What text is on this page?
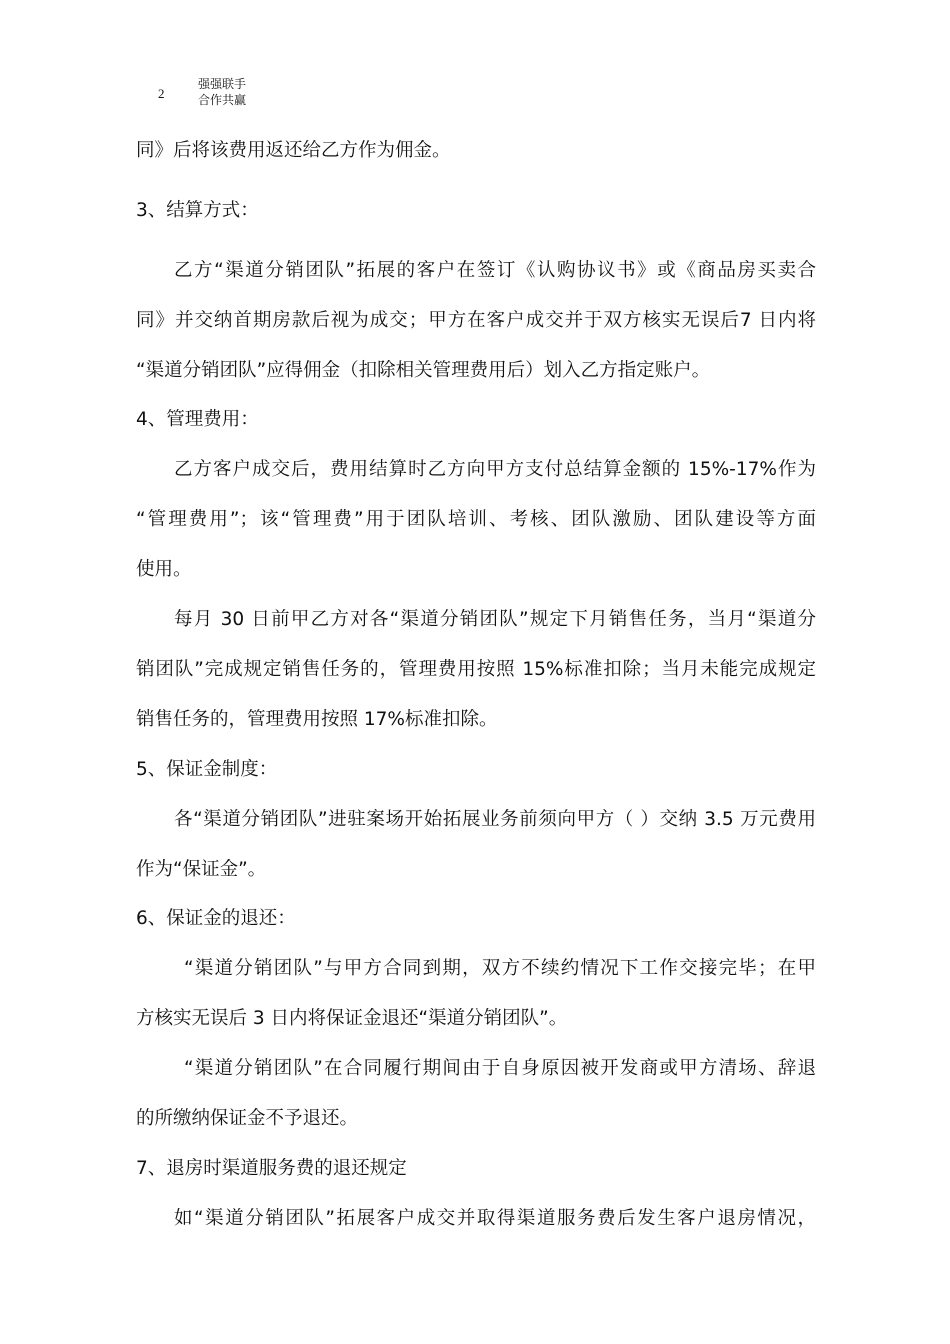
2
强强联手
合作共赢
同》后将该费用返还给乙方作为佣金。
3、结算方式：
乙方“渠道分销团队”拓展的客户在签订《认购协议书》或《商品房买卖合
同》并交纳首期房款后视为成交；甲方在客户成交并于双方核实无误后7 日内将
“渠道分销团队”应得佣金（扣除相关管理费用后）划入乙方指定账户。
4、管理费用：
乙方客户成交后，费用结算时乙方向甲方支付总结算金额的 15%-17%作为
“管理费用”；该“管理费”用于团队培训、考核、团队激励、团队建设等方面
使用。
每月 30 日前甲乙方对各“渠道分销团队”规定下月销售任务，当月“渠道分
销团队”完成规定销售任务的，管理费用按照 15%标准扣除；当月未能完成规定
销售任务的，管理费用按照 17%标准扣除。
5、保证金制度：
各“渠道分销团队”进驻案场开始拓展业务前须向甲方（ ）交纳 3.5 万元费用
作为“保证金”。
6、保证金的退还：
“渠道分销团队”与甲方合同到期，双方不续约情况下工作交接完毕；在甲
方核实无误后 3 日内将保证金退还“渠道分销团队”。
“渠道分销团队”在合同履行期间由于自身原因被开发商或甲方清场、辞退
的所缴纳保证金不予退还。
7、退房时渠道服务费的退还规定
如“渠道分销团队”拓展客户成交并取得渠道服务费后发生客户退房情况，
